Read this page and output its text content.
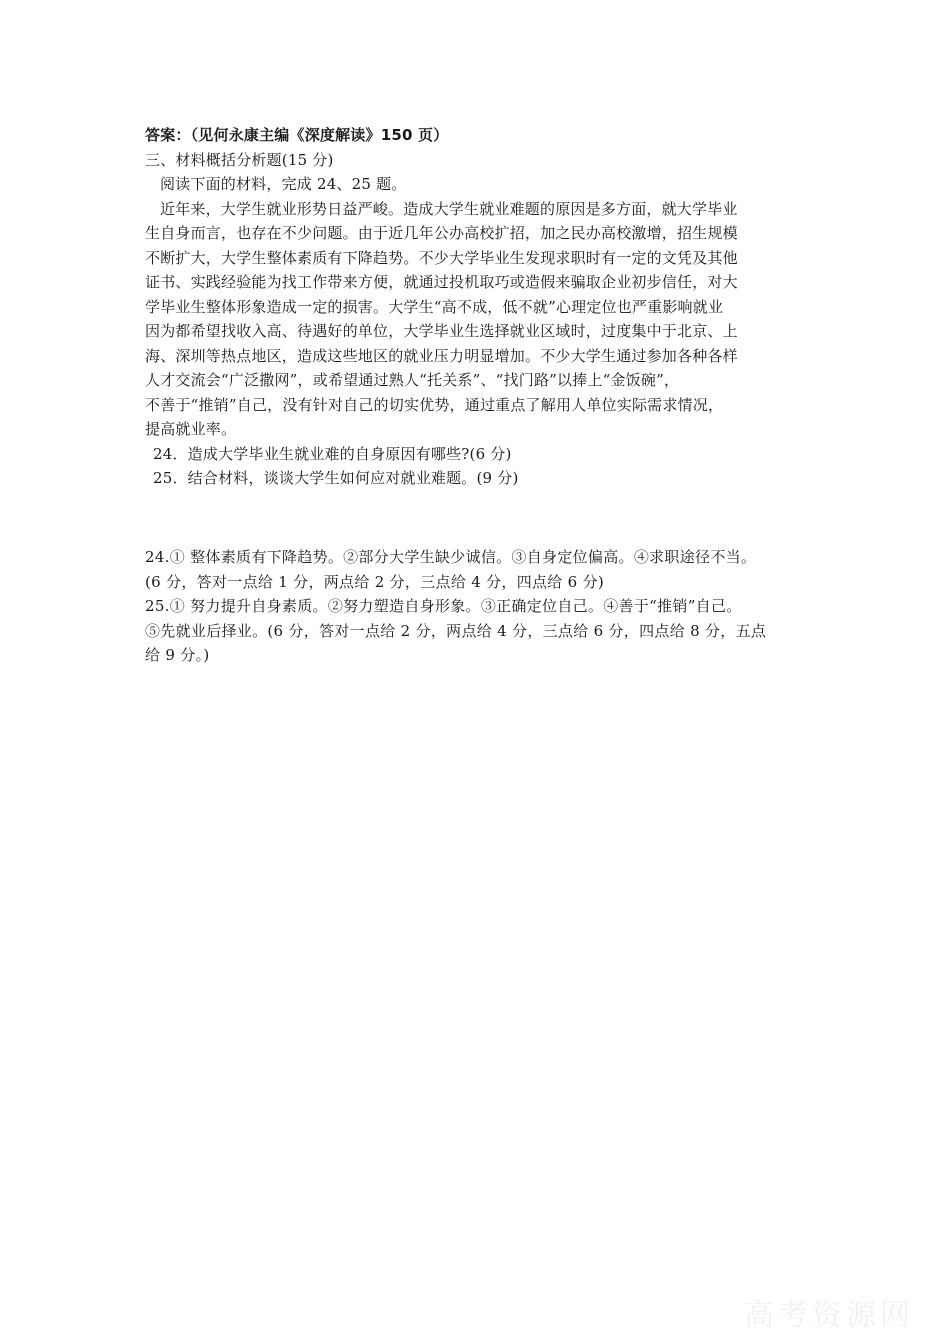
答案：（见何永康主编《深度解读》150 页）
三、材料概括分析题(15 分)
阅读下面的材料，完成 24、25 题。
近年来，大学生就业形势日益严峻。造成大学生就业难题的原因是多方面，就大学毕业
生自身而言，也存在不少问题。由于近几年公办高校扩招，加之民办高校激增，招生规模
不断扩大，大学生整体素质有下降趋势。不少大学毕业生发现求职时有一定的文凭及其他
证书、实践经验能为找工作带来方便，就通过投机取巧或造假来骗取企业初步信任，对大
学毕业生整体形象造成一定的损害。大学生“高不成，低不就”心理定位也严重影响就业
因为都希望找收入高、待遇好的单位，大学毕业生选择就业区域时，过度集中于北京、上
海、深圳等热点地区，造成这些地区的就业压力明显增加。不少大学生通过参加各种各样
人才交流会“广泛撒网”，或希望通过熟人“托关系”、“找门路”以捧上“金饭碗”，
不善于“推销”自己，没有针对自己的切实优势，通过重点了解用人单位实际需求情况，
提高就业率。
24．造成大学毕业生就业难的自身原因有哪些?(6 分)
25．结合材料，谈谈大学生如何应对就业难题。(9 分)
24.① 整体素质有下降趋势。②部分大学生缺少诚信。③自身定位偏高。④求职途径不当。
(6 分，答对一点给 1 分，两点给 2 分，三点给 4 分，四点给 6 分)
25.① 努力提升自身素质。②努力塑造自身形象。③正确定位自己。④善于“推销”自己。
⑤先就业后择业。(6 分，答对一点给 2 分，两点给 4 分，三点给 6 分，四点给 8 分，五点
给 9 分。)
高考资源网
